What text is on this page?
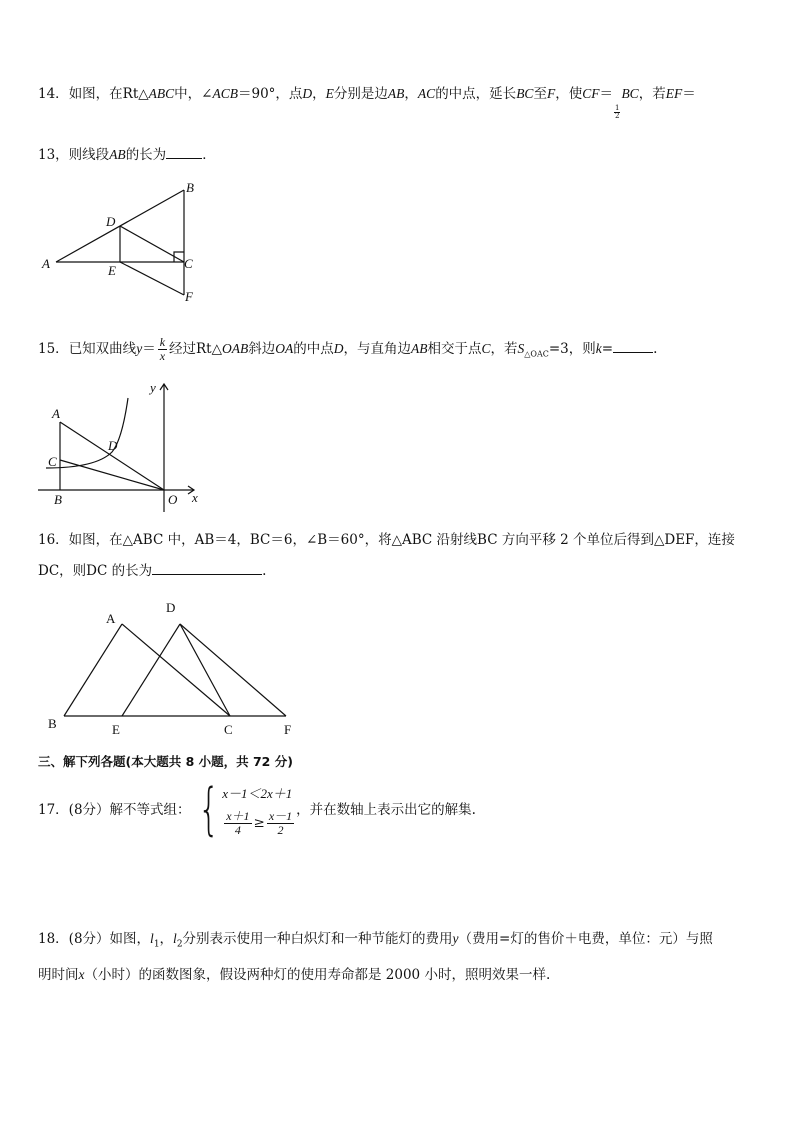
14．如图，在Rt△ABC中，∠ACB＝90°，点D，E分别是边AB，AC的中点，延长BC至F，使CF＝
$\frac{1}{2}$
BC，若EF＝
13，则线段AB的长为	．
A
B
C
D
E
F
15．已知双曲线$y= \frac{k}{x}$ 经过Rt△OAB斜边OA的中点D，与直角边AB相交于点C，若$S_{\triangle OAC}=3$，则k=	.
A
D
C
B	O x
y
16．如图，在△ABC 中，AB＝4，BC＝6，∠B＝60°，将△ABC 沿射线BC 方向平移 2 个单位后得到△DEF，连接
DC，则DC 的长为	.
A
D
B	E	C	F
三、解下列各题(本大题共 8 小题，共 72 分)
17．(8分）解不等式组： { x－1＜2x＋1
$\frac{x+1}{4} \ge \frac{x-1}{2}$ ，并在数轴上表示出它的解集.
18．(8分）如图，$l_1$，$l_2$分别表示使用一种白炽灯和一种节能灯的费用y（费用=灯的售价＋电费，单位：元）与照
明时间x（小时）的函数图象，假设两种灯的使用寿命都是 2000 小时，照明效果一样.
